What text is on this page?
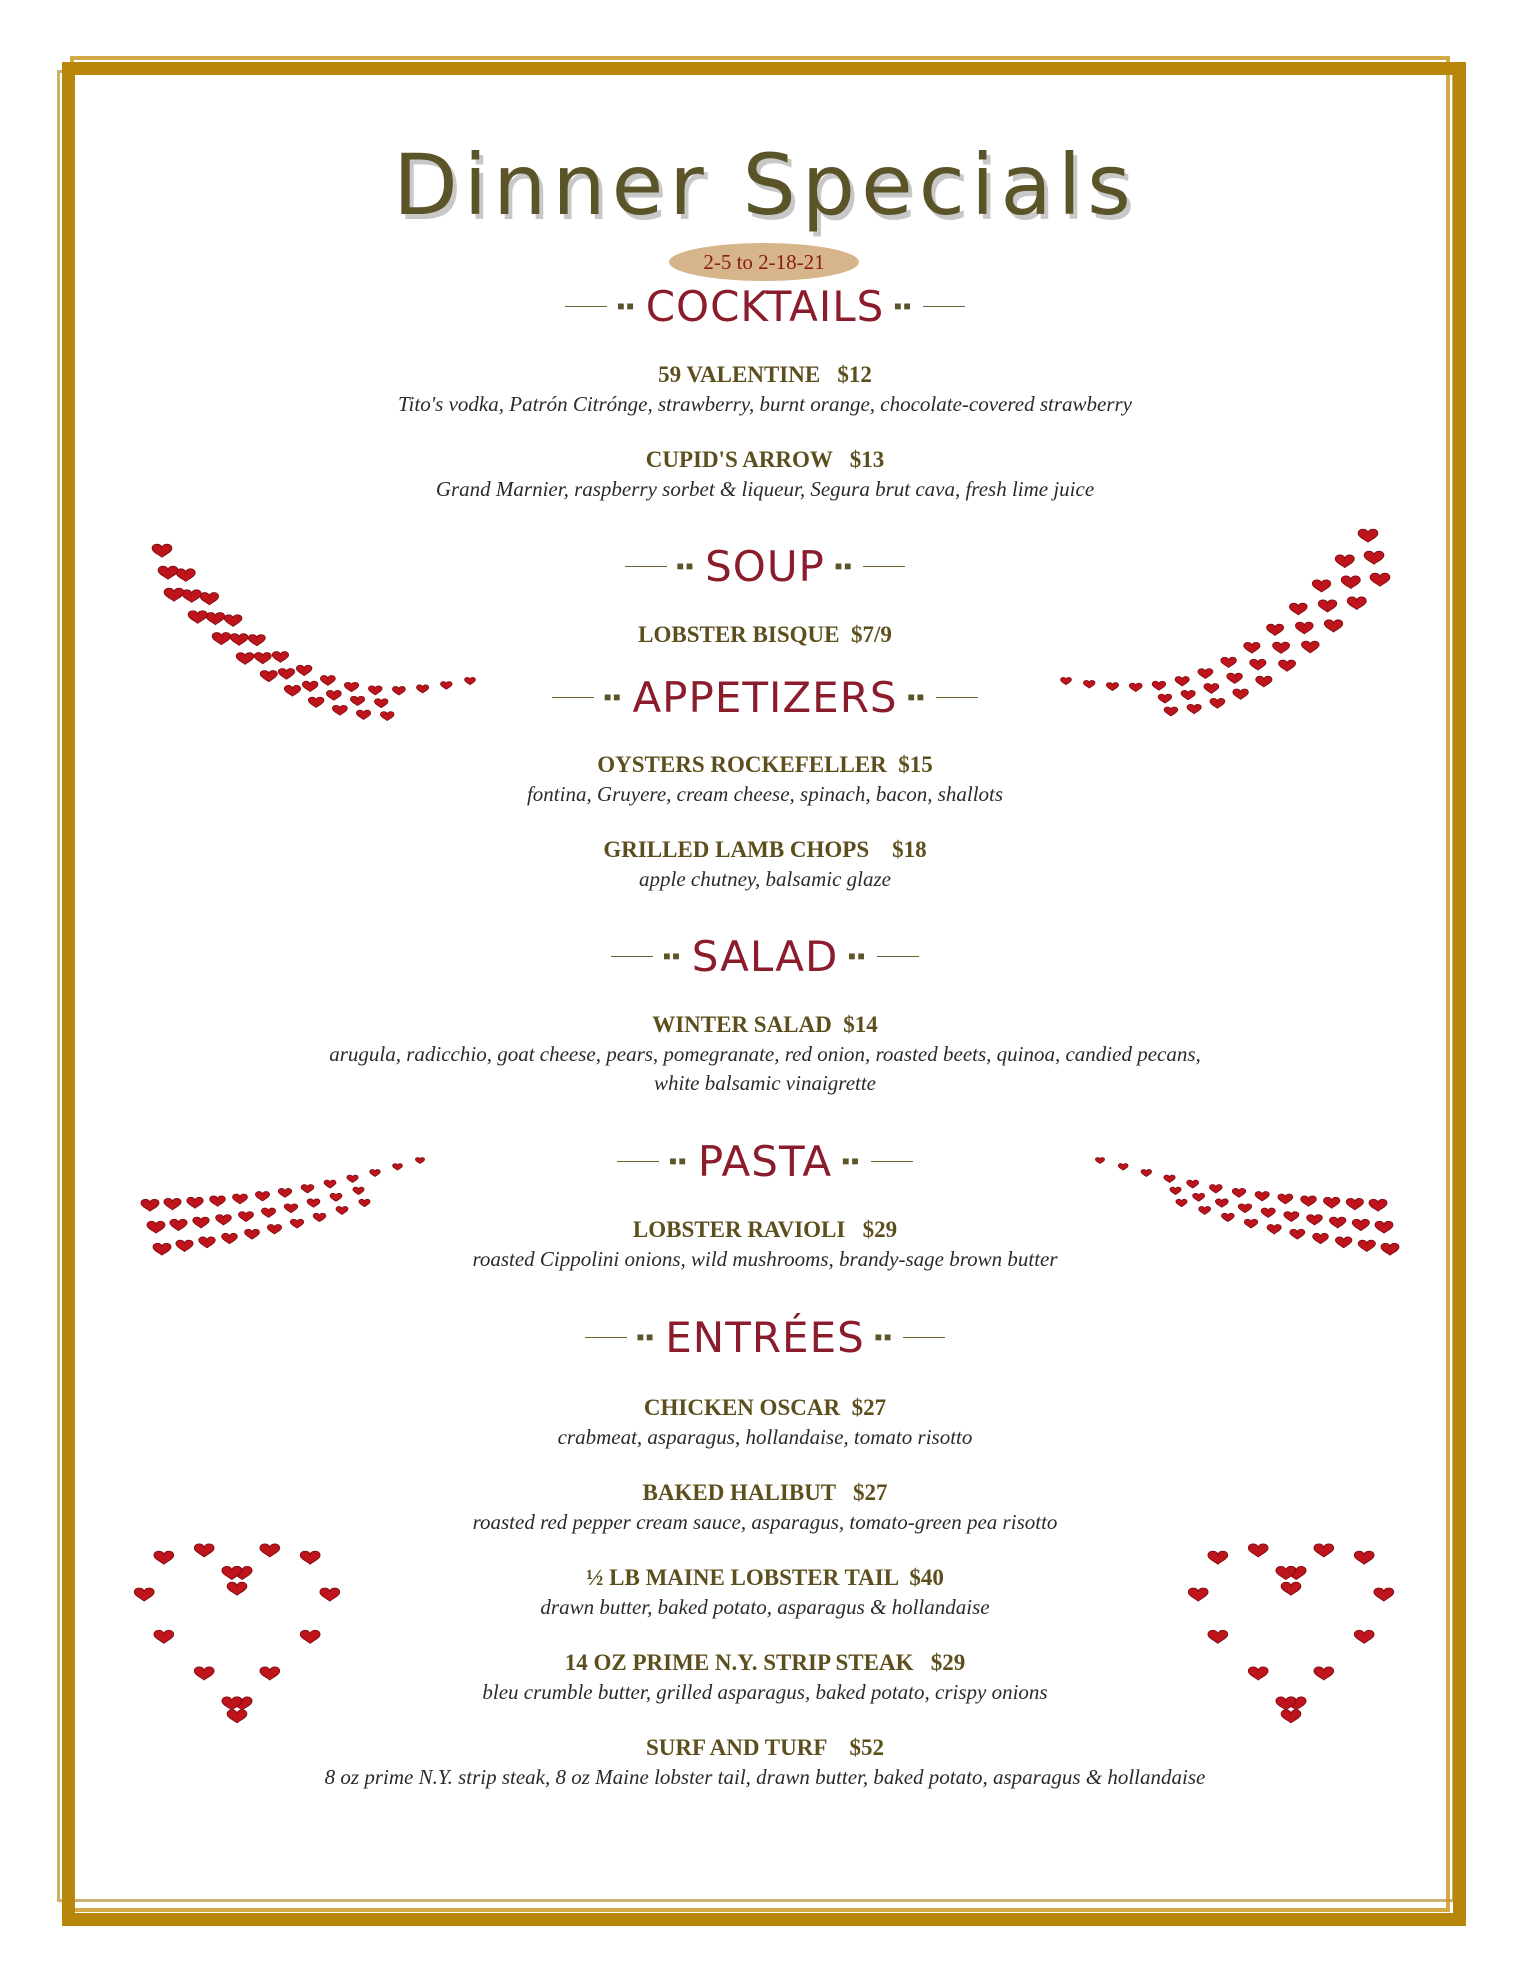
Dinner Specials
2-5 to 2-18-21
■■ COCKTAILS ■■
59 VALENTINE   $12
Tito's vodka, Patrón Citrónge, strawberry, burnt orange, chocolate-covered strawberry
CUPID'S ARROW   $13
Grand Marnier, raspberry sorbet & liqueur, Segura brut cava, fresh lime juice
■■ SOUP ■■
LOBSTER BISQUE  $7/9
■■ APPETIZERS ■■
OYSTERS ROCKEFELLER  $15
fontina, Gruyere, cream cheese, spinach, bacon, shallots
GRILLED LAMB CHOPS    $18
apple chutney, balsamic glaze
■■ SALAD ■■
WINTER SALAD  $14
arugula, radicchio, goat cheese, pears, pomegranate, red onion, roasted beets, quinoa, candied pecans,
white balsamic vinaigrette
■■ PASTA ■■
LOBSTER RAVIOLI   $29
roasted Cippolini onions, wild mushrooms, brandy-sage brown butter
■■ ENTRÉES ■■
CHICKEN OSCAR  $27
crabmeat, asparagus, hollandaise, tomato risotto
BAKED HALIBUT   $27
roasted red pepper cream sauce, asparagus, tomato-green pea risotto
½ LB MAINE LOBSTER TAIL  $40
drawn butter, baked potato, asparagus & hollandaise
14 OZ PRIME N.Y. STRIP STEAK   $29
bleu crumble butter, grilled asparagus, baked potato, crispy onions
SURF AND TURF    $52
8 oz prime N.Y. strip steak, 8 oz Maine lobster tail, drawn butter, baked potato, asparagus & hollandaise
